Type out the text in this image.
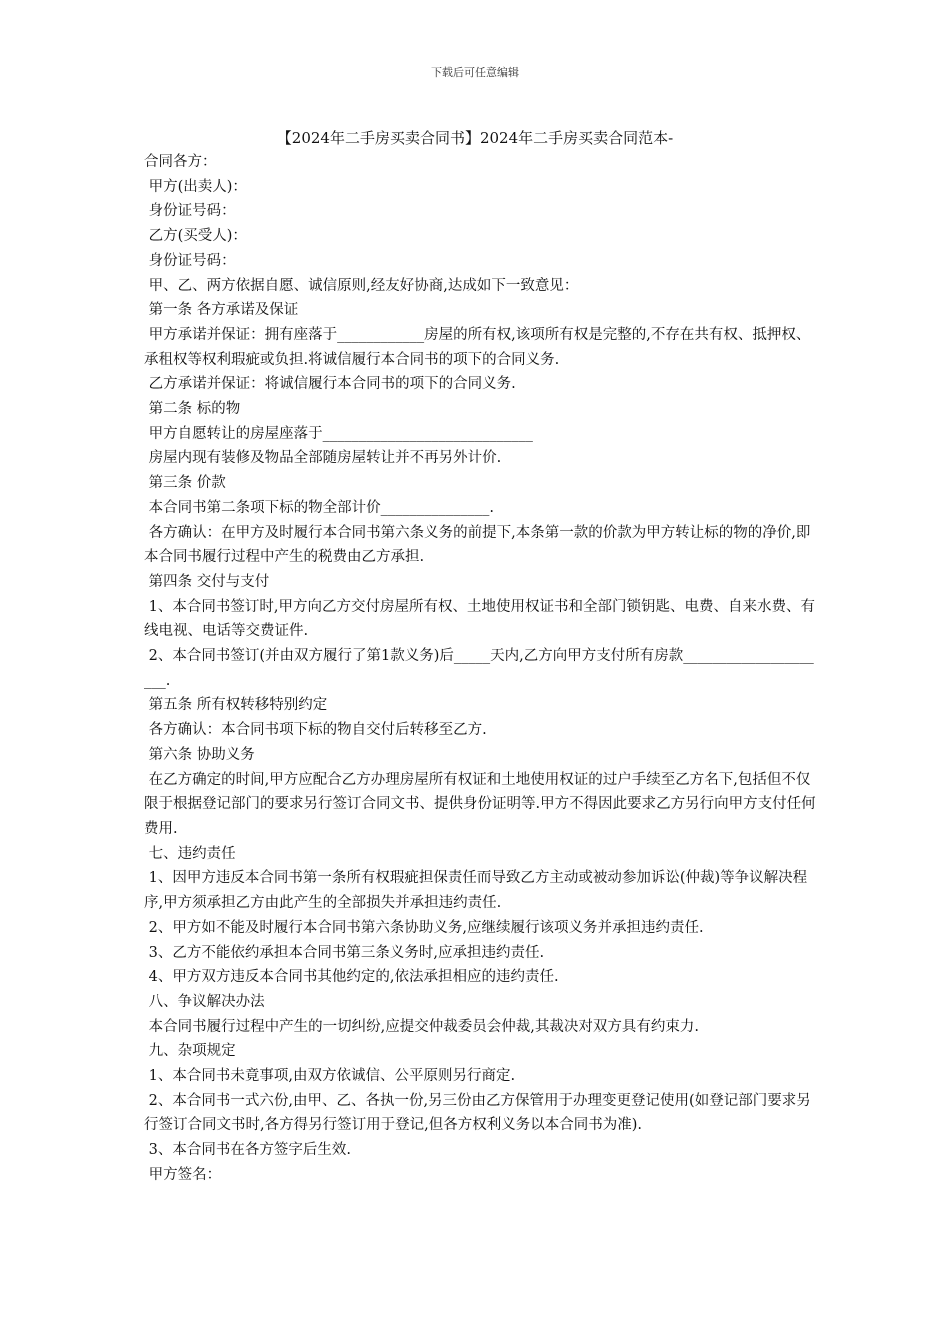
下载后可任意编辑
【2024年二手房买卖合同书】2024年二手房买卖合同范本-

合同各方：

甲方(出卖人)：

身份证号码：

乙方(买受人)：

身份证号码：

甲、乙、两方依据自愿、诚信原则,经友好协商,达成如下一致意见：

第一条 各方承诺及保证

甲方承诺并保证：拥有座落于____________房屋的所有权,该项所有权是完整的,不存在共有权、抵押权、承租权等权利瑕疵或负担.将诚信履行本合同书的项下的合同义务.

乙方承诺并保证：将诚信履行本合同书的项下的合同义务.

第二条 标的物

甲方自愿转让的房屋座落于_____________________________

房屋内现有装修及物品全部随房屋转让并不再另外计价.

第三条 价款

本合同书第二条项下标的物全部计价_______________.

各方确认：在甲方及时履行本合同书第六条义务的前提下,本条第一款的价款为甲方转让标的物的净价,即本合同书履行过程中产生的税费由乙方承担.

第四条 交付与支付

1、本合同书签订时,甲方向乙方交付房屋所有权、土地使用权证书和全部门锁钥匙、电费、自来水费、有线电视、电话等交费证件.

2、本合同书签订(并由双方履行了第1款义务)后_____天内,乙方向甲方支付所有房款_____________________.

第五条 所有权转移特别约定

各方确认：本合同书项下标的物自交付后转移至乙方.

第六条 协助义务

在乙方确定的时间,甲方应配合乙方办理房屋所有权证和土地使用权证的过户手续至乙方名下,包括但不仅限于根据登记部门的要求另行签订合同文书、提供身份证明等.甲方不得因此要求乙方另行向甲方支付任何费用.

七、违约责任

1、因甲方违反本合同书第一条所有权瑕疵担保责任而导致乙方主动或被动参加诉讼(仲裁)等争议解决程序,甲方须承担乙方由此产生的全部损失并承担违约责任.

2、甲方如不能及时履行本合同书第六条协助义务,应继续履行该项义务并承担违约责任.

3、乙方不能依约承担本合同书第三条义务时,应承担违约责任.

4、甲方双方违反本合同书其他约定的,依法承担相应的违约责任.

八、争议解决办法

本合同书履行过程中产生的一切纠纷,应提交仲裁委员会仲裁,其裁决对双方具有约束力.

九、杂项规定

1、本合同书未竟事项,由双方依诚信、公平原则另行商定.

2、本合同书一式六份,由甲、乙、各执一份,另三份由乙方保管用于办理变更登记使用(如登记部门要求另行签订合同文书时,各方得另行签订用于登记,但各方权利义务以本合同书为准).

3、本合同书在各方签字后生效.

甲方签名：
